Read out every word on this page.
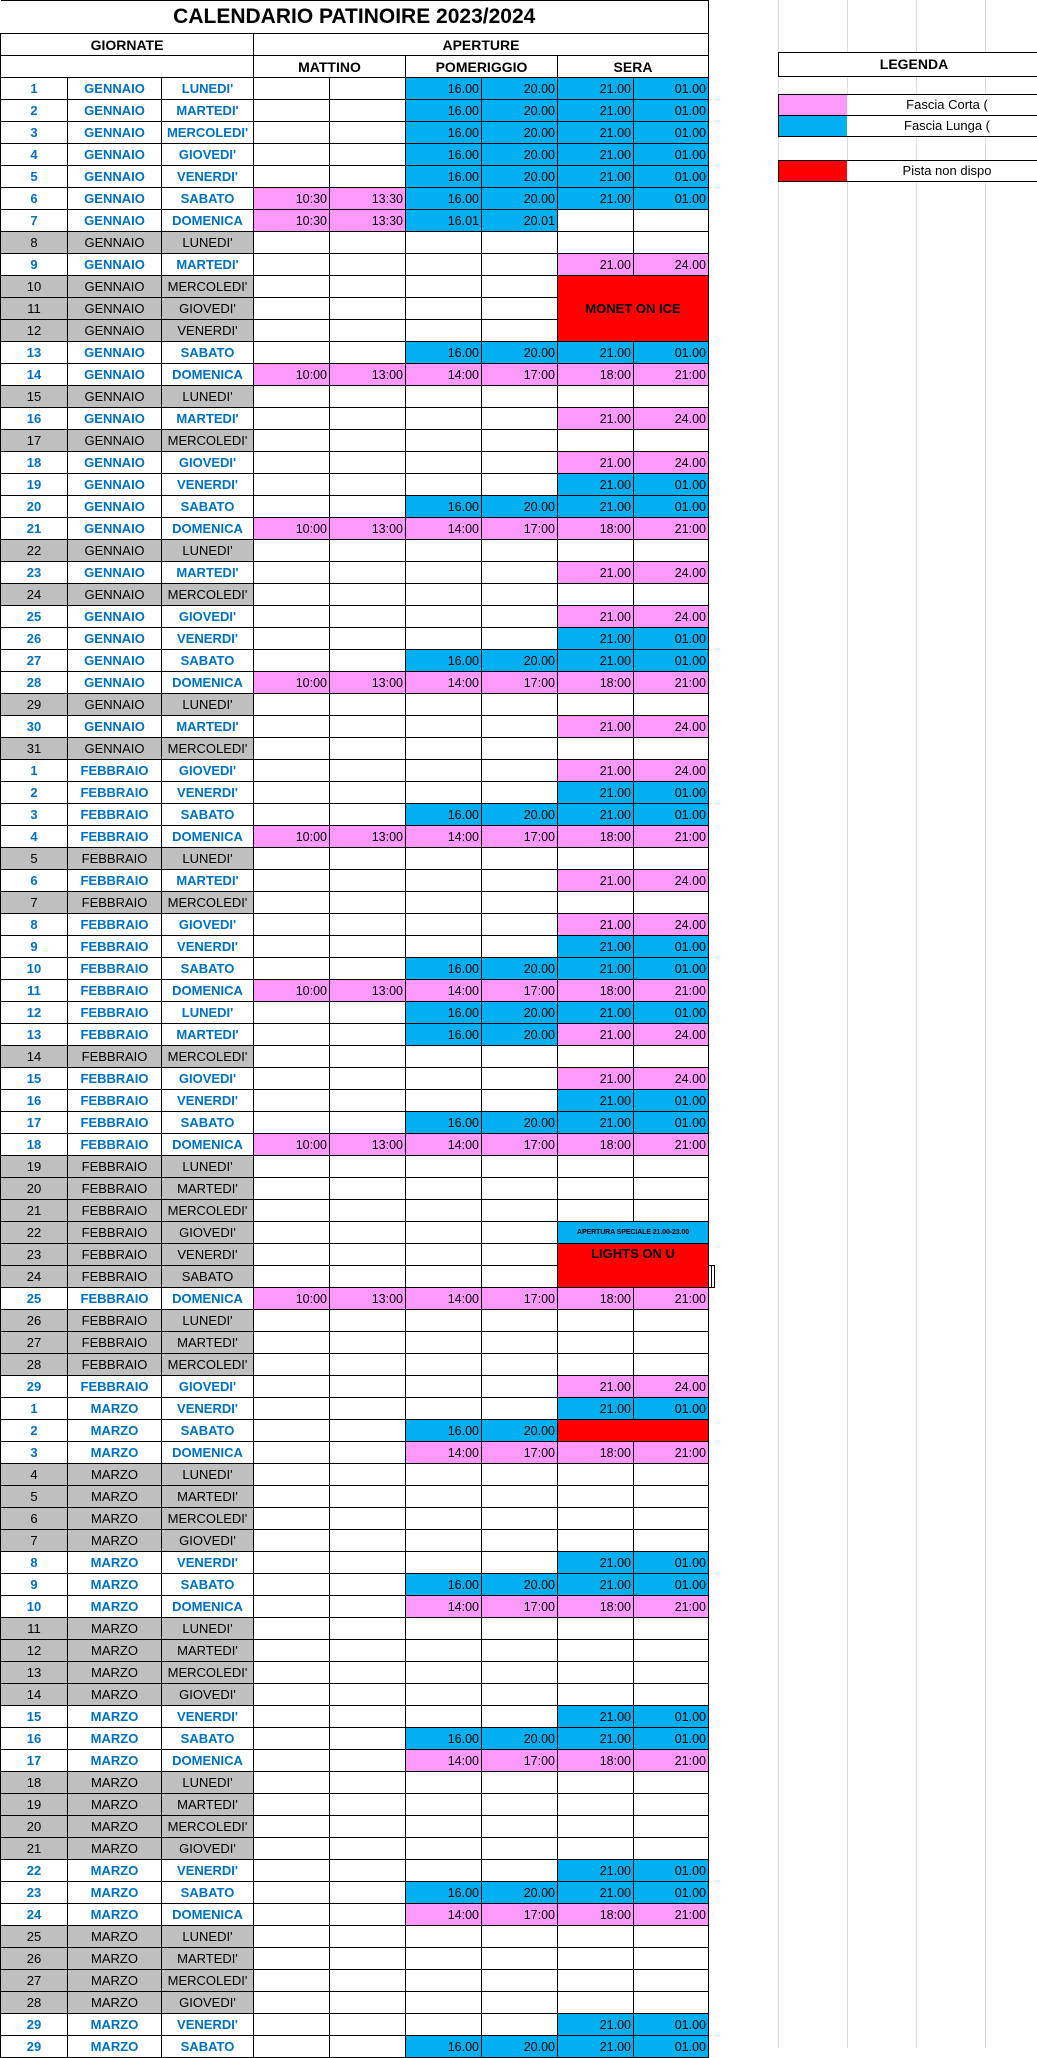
CALENDARIO PATINOIRE 2023/2024										
GIORNATE			APERTURE							
			MATTINO		POMERIGGIO		SERA			
1	GENNAIO	LUNEDI'			16.00	20.00	21.00	01.00		
2	GENNAIO	MARTEDI'			16.00	20.00	21.00	01.00		
3	GENNAIO	MERCOLEDI'			16.00	20.00	21.00	01.00		
4	GENNAIO	GIOVEDI'			16.00	20.00	21.00	01.00		
5	GENNAIO	VENERDI'			16.00	20.00	21.00	01.00		
6	GENNAIO	SABATO	10:30	13:30	16.00	20.00	21.00	01.00		
7	GENNAIO	DOMENICA	10:30	13:30	16.01	20.01				
8	GENNAIO	LUNEDI'								
9	GENNAIO	MARTEDI'					21.00	24.00		
10	GENNAIO	MERCOLEDI'					MONET ON ICE			
11	GENNAIO	GIOVEDI'								
12	GENNAIO	VENERDI'								
13	GENNAIO	SABATO			16.00	20.00	21.00	01.00		
14	GENNAIO	DOMENICA	10:00	13:00	14:00	17:00	18:00	21:00		
15	GENNAIO	LUNEDI'								
16	GENNAIO	MARTEDI'					21.00	24.00		
17	GENNAIO	MERCOLEDI'								
18	GENNAIO	GIOVEDI'					21.00	24.00		
19	GENNAIO	VENERDI'					21.00	01.00		
20	GENNAIO	SABATO			16.00	20.00	21.00	01.00		
21	GENNAIO	DOMENICA	10:00	13:00	14:00	17:00	18:00	21:00		
22	GENNAIO	LUNEDI'								
23	GENNAIO	MARTEDI'					21.00	24.00		
24	GENNAIO	MERCOLEDI'								
25	GENNAIO	GIOVEDI'					21.00	24.00		
26	GENNAIO	VENERDI'					21.00	01.00		
27	GENNAIO	SABATO			16.00	20.00	21.00	01.00		
28	GENNAIO	DOMENICA	10:00	13:00	14:00	17:00	18:00	21:00		
29	GENNAIO	LUNEDI'								
30	GENNAIO	MARTEDI'					21.00	24.00		
31	GENNAIO	MERCOLEDI'								
1	FEBBRAIO	GIOVEDI'					21.00	24.00		
2	FEBBRAIO	VENERDI'					21.00	01.00		
3	FEBBRAIO	SABATO			16.00	20.00	21.00	01.00		
4	FEBBRAIO	DOMENICA	10:00	13:00	14:00	17:00	18:00	21:00		
5	FEBBRAIO	LUNEDI'								
6	FEBBRAIO	MARTEDI'					21.00	24.00		
7	FEBBRAIO	MERCOLEDI'								
8	FEBBRAIO	GIOVEDI'					21.00	24.00		
9	FEBBRAIO	VENERDI'					21.00	01.00		
10	FEBBRAIO	SABATO			16.00	20.00	21.00	01.00		
11	FEBBRAIO	DOMENICA	10:00	13:00	14:00	17:00	18:00	21:00		
12	FEBBRAIO	LUNEDI'			16.00	20.00	21.00	01.00		
13	FEBBRAIO	MARTEDI'			16.00	20.00	21.00	24.00		
14	FEBBRAIO	MERCOLEDI'								
15	FEBBRAIO	GIOVEDI'					21.00	24.00		
16	FEBBRAIO	VENERDI'					21.00	01.00		
17	FEBBRAIO	SABATO			16.00	20.00	21.00	01.00		
18	FEBBRAIO	DOMENICA	10:00	13:00	14:00	17:00	18:00	21:00		
19	FEBBRAIO	LUNEDI'								
20	FEBBRAIO	MARTEDI'								
21	FEBBRAIO	MERCOLEDI'								
22	FEBBRAIO	GIOVEDI'					APERTURA SPECIALE 21.00-23.00			
23	FEBBRAIO	VENERDI'					LIGHTS ON U			
24	FEBBRAIO	SABATO								
25	FEBBRAIO	DOMENICA	10:00	13:00	14:00	17:00	18:00	21:00		
26	FEBBRAIO	LUNEDI'								
27	FEBBRAIO	MARTEDI'								
28	FEBBRAIO	MERCOLEDI'								
29	FEBBRAIO	GIOVEDI'					21.00	24.00		
1	MARZO	VENERDI'					21.00	01.00		
2	MARZO	SABATO			16.00	20.00				
3	MARZO	DOMENICA			14:00	17:00	18:00	21:00		
4	MARZO	LUNEDI'								
5	MARZO	MARTEDI'								
6	MARZO	MERCOLEDI'								
7	MARZO	GIOVEDI'								
8	MARZO	VENERDI'					21.00	01.00		
9	MARZO	SABATO			16.00	20.00	21.00	01.00		
10	MARZO	DOMENICA			14:00	17:00	18:00	21:00		
11	MARZO	LUNEDI'								
12	MARZO	MARTEDI'								
13	MARZO	MERCOLEDI'								
14	MARZO	GIOVEDI'								
15	MARZO	VENERDI'					21.00	01.00		
16	MARZO	SABATO			16.00	20.00	21.00	01.00		
17	MARZO	DOMENICA			14:00	17:00	18:00	21:00		
18	MARZO	LUNEDI'								
19	MARZO	MARTEDI'								
20	MARZO	MERCOLEDI'								
21	MARZO	GIOVEDI'								
22	MARZO	VENERDI'					21.00	01.00		
23	MARZO	SABATO			16.00	20.00	21.00	01.00		
24	MARZO	DOMENICA			14:00	17:00	18:00	21:00		
25	MARZO	LUNEDI'								
26	MARZO	MARTEDI'								
27	MARZO	MERCOLEDI'								
28	MARZO	GIOVEDI'								
29	MARZO	VENERDI'					21.00	01.00		
29	MARZO	SABATO			16.00	20.00	21.00	01.00		
LEGENDA
Fascia Corta (
Fascia Lunga (
Pista non dispo
